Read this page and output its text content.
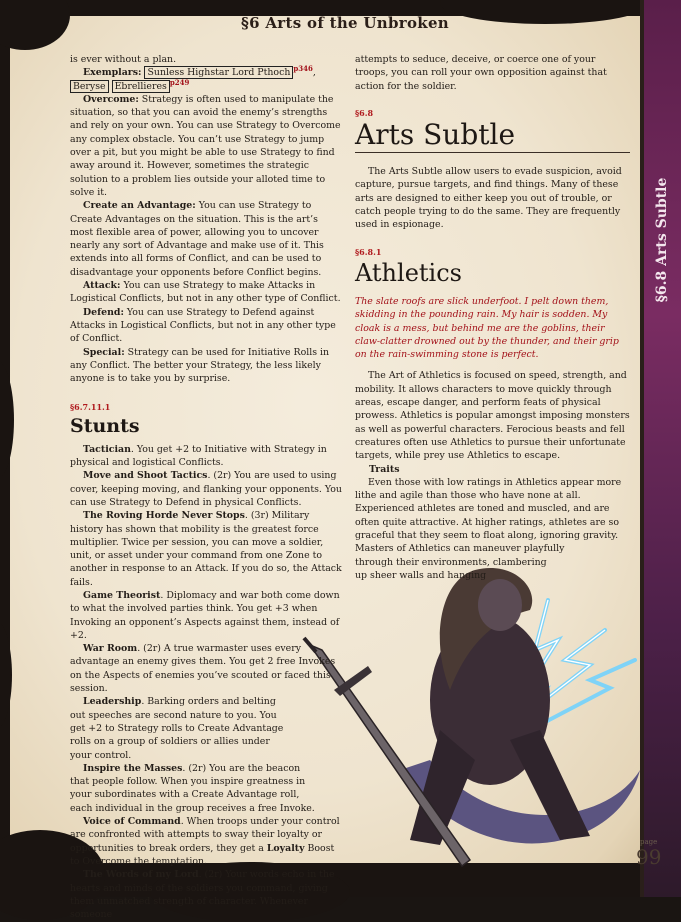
§6.8 Arts Subtle
§6 Arts of the Unbroken

is ever without a plan.

Exemplars: Sunless Highstar Lord Pthoch $^{p346}$, Beryse Ebrellieres $^{p249}$

Overcome: Strategy is often used to manipulate the situation, so that you can avoid the enemy’s strengths and rely on your own. You can use Strategy to Overcome any complex obstacle. You can’t use Strategy to jump over a pit, but you might be able to use Strategy to find away around it. However, sometimes the strategic solution to a problem lies outside your alloted time to solve it.

Create an Advantage: You can use Strategy to Create Advantages on the situation. This is the art’s most flexible area of power, allowing you to uncover nearly any sort of Advantage and make use of it. This extends into all forms of Conflict, and can be used to disadvantage your opponents before Conflict begins.

Attack: You can use Strategy to make Attacks in Logistical Conflicts, but not in any other type of Conflict.

Defend: You can use Strategy to Defend against Attacks in Logistical Conflicts, but not in any other type of Conflict.

Special: Strategy can be used for Initiative Rolls in any Conflict. The better your Strategy, the less likely anyone is to take you by surprise.

§6.7.11.1
Stunts

Tactician. You get +2 to Initiative with Strategy in physical and logistical Conflicts.

Move and Shoot Tactics. (2r) You are used to using cover, keeping moving, and flanking your opponents. You can use Strategy to Defend in physical Conflicts.

The Roving Horde Never Stops. (3r) Military history has shown that mobility is the greatest force multiplier. Twice per session, you can move a soldier, unit, or asset under your command from one Zone to another in response to an Attack. If you do so, the Attack fails.

Game Theorist. Diplomacy and war both come down to what the involved parties think. You get +3 when Invoking an opponent’s Aspects against them, instead of +2.

War Room. (2r) A true warmaster uses every advantage an enemy gives them. You get 2 free Invokes on the Aspects of enemies you’ve scouted or faced this session.

Leadership. Barking orders and belting out speeches are second nature to you. You get +2 to Strategy rolls to Create Advantage rolls on a group of soldiers or allies under your control.

Inspire the Masses. (2r) You are the beacon that people follow. When you inspire greatness in your subordinates with a Create Advantage roll, each individual in the group receives a free Invoke.

Voice of Command. When troops under your control are confronted with attempts to sway their loyalty or opportunities to break orders, they get a Loyalty Boost to Overcome the temptation.

The Words of my Lord. (2r) Your words echo in the hearts and minds of the soldiers you command, giving them unmatched strength of character. Whenever someone

attempts to seduce, deceive, or coerce one of your troops, you can roll your own opposition against that action for the soldier.

§6.8
Arts Subtle

The Arts Subtle allow users to evade suspicion, avoid capture, pursue targets, and find things. Many of these arts are designed to either keep you out of trouble, or catch people trying to do the same. They are frequently used in espionage.

§6.8.1
Athletics

The slate roofs are slick underfoot. I pelt down them, skidding in the pounding rain. My hair is sodden. My cloak is a mess, but behind me are the goblins, their claw-clatter drowned out by the thunder, and their grip on the rain-swimming stone is perfect.

The Art of Athletics is focused on speed, strength, and mobility. It allows characters to move quickly through areas, escape danger, and perform feats of physical prowess. Athletics is popular amongst imposing monsters as well as powerful characters. Ferocious beasts and fell creatures often use Athletics to pursue their unfortunate targets, while prey use Athletics to escape.

Traits

Even those with low ratings in Athletics appear more lithe and agile than those who have none at all. Experienced athletes are toned and muscled, and are often quite attractive. At higher ratings, athletes are so graceful that they seem to float along, ignoring gravity.

Masters of Athletics can maneuver playfully

through their environments, clambering

up sheer walls and hanging

page
99
